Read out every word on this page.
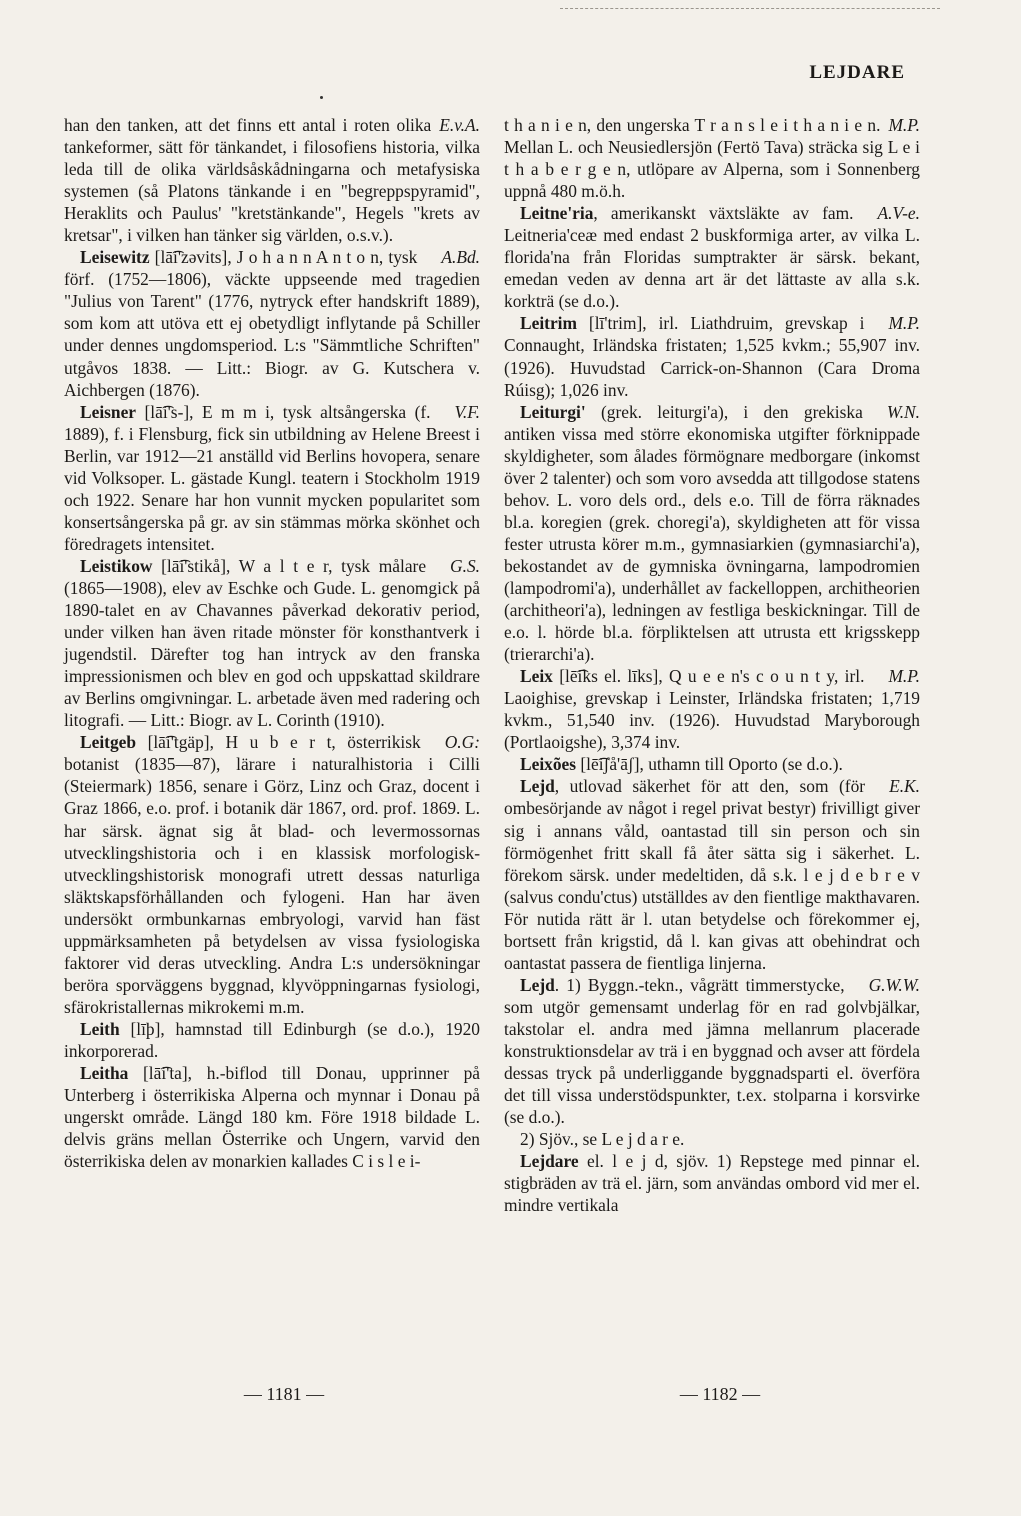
LEJDARE

E.v.A.
han den tanken, att det finns ett antal i roten olika tankeformer, sätt för tänkandet, i filosofiens historia, vilka leda till de olika världsåskådningarna och metafysiska systemen (så Platons tänkande i en "begreppspyramid", Heraklits och Paulus' "kretstänkande", Hegels "krets av kretsar", i vilken han tänker sig världen, o.s.v.).

A.Bd.
Leisewitz [lā͡i'zəvits], J o h a n n A n t o n, tysk förf. (1752—1806), väckte uppseende med tragedien "Julius von Tarent" (1776, nytryck efter handskrift 1889), som kom att utöva ett ej obetydligt inflytande på Schiller under dennes ungdomsperiod. L:s "Sämmtliche Schriften" utgåvos 1838. — Litt.: Biogr. av G. Kutschera v. Aichbergen (1876).

V.F.
Leisner [lā͡i's-], E m m i, tysk altsångerska (f. 1889), f. i Flensburg, fick sin utbildning av Helene Breest i Berlin, var 1912—21 anställd vid Berlins hovopera, senare vid Volksoper. L. gästade Kungl. teatern i Stockholm 1919 och 1922. Senare har hon vunnit mycken popularitet som konsertsångerska på gr. av sin stämmas mörka skönhet och föredragets intensitet.

G.S.
Leistikow [lā͡i'stikå], W a l t e r, tysk målare (1865—1908), elev av Eschke och Gude. L. genomgick på 1890-talet en av Chavannes påverkad dekorativ period, under vilken han även ritade mönster för konsthantverk i jugendstil. Därefter tog han intryck av den franska impressionismen och blev en god och uppskattad skildrare av Berlins omgivningar. L. arbetade även med radering och litografi. — Litt.: Biogr. av L. Corinth (1910).

O.G:
Leitgeb [lā͡i'tgäp], H u b e r t, österrikisk botanist (1835—87), lärare i naturalhistoria i Cilli (Steiermark) 1856, senare i Görz, Linz och Graz, docent i Graz 1866, e.o. prof. i botanik där 1867, ord. prof. 1869. L. har särsk. ägnat sig åt blad- och levermossornas utvecklingshistoria och i en klassisk morfologisk-utvecklingshistorisk monografi utrett dessas naturliga släktskapsförhållanden och fylogeni. Han har även undersökt ormbunkarnas embryologi, varvid han fäst uppmärksamheten på betydelsen av vissa fysiologiska faktorer vid deras utveckling. Andra L:s undersökningar beröra sporväggens byggnad, klyvöppningarnas fysiologi, sfärokristallernas mikrokemi m.m.

Leith [līþ], hamnstad till Edinburgh (se d.o.), 1920 inkorporerad.

Leitha [lā͡i'ta], h.-biflod till Donau, upprinner på Unterberg i österrikiska Alperna och mynnar i Donau på ungerskt område. Längd 180 km. Före 1918 bildade L. delvis gräns mellan Österrike och Ungern, varvid den österrikiska delen av monarkien kallades C i s l e i-

M.P.
t h a n i e n, den ungerska T r a n s l e i t h a n i e n. Mellan L. och Neusiedlersjön (Fertö Tava) sträcka sig L e i t h a b e r g e n, utlöpare av Alperna, som i Sonnenberg uppnå 480 m.ö.h.

A.V-e.
Leitne'ria, amerikanskt växtsläkte av fam. Leitneria'ceæ med endast 2 buskformiga arter, av vilka L. florida'na från Floridas sumptrakter är särsk. bekant, emedan veden av denna art är det lättaste av alla s.k. korkträ (se d.o.).

M.P.
Leitrim [lī'trim], irl. Liathdruim, grevskap i Connaught, Irländska fristaten; 1,525 kvkm.; 55,907 inv. (1926). Huvudstad Carrick-on-Shannon (Cara Droma Rúisg); 1,026 inv.

W.N.
Leiturgi' (grek. leiturgi'a), i den grekiska antiken vissa med större ekonomiska utgifter förknippade skyldigheter, som ålades förmögnare medborgare (inkomst över 2 talenter) och som voro avsedda att tillgodose statens behov. L. voro dels ord., dels e.o. Till de förra räknades bl.a. koregien (grek. choregi'a), skyldigheten att för vissa fester utrusta körer m.m., gymnasiarkien (gymnasiarchi'a), bekostandet av de gymniska övningarna, lampodromien (lampodromi'a), underhållet av fackelloppen, architheorien (architheori'a), ledningen av festliga beskickningar. Till de e.o. l. hörde bl.a. förpliktelsen att utrusta ett krigsskepp (trierarchi'a).

M.P.
Leix [lē͡iks el. līks], Q u e e n's c o u n t y, irl. Laoighise, grevskap i Leinster, Irländska fristaten; 1,719 kvkm., 51,540 inv. (1926). Huvudstad Maryborough (Portlaoigshe), 3,374 inv.

Leixões [lē͡iʃå'āʃ], uthamn till Oporto (se d.o.).

E.K.
Lejd, utlovad säkerhet för att den, som (för ombesörjande av något i regel privat bestyr) frivilligt giver sig i annans våld, oantastad till sin person och sin förmögenhet fritt skall få åter sätta sig i säkerhet. L. förekom särsk. under medeltiden, då s.k. l e j d e b r e v (salvus condu'ctus) utställdes av den fientlige makthavaren. För nutida rätt är l. utan betydelse och förekommer ej, bortsett från krigstid, då l. kan givas att obehindrat och oantastat passera de fientliga linjerna.

G.W.W.
Lejd. 1) Byggn.-tekn., vågrätt timmerstycke, som utgör gemensamt underlag för en rad golvbjälkar, takstolar el. andra med jämna mellanrum placerade konstruktionsdelar av trä i en byggnad och avser att fördela dessas tryck på underliggande byggnadsparti el. överföra det till vissa understödspunkter, t.ex. stolparna i korsvirke (se d.o.).

2) Sjöv., se L e j d a r e.

Lejdare el. l e j d, sjöv. 1) Repstege med pinnar el. stigbräden av trä el. järn, som användas ombord vid mer el. mindre vertikala

— 1181 —	— 1182 —
